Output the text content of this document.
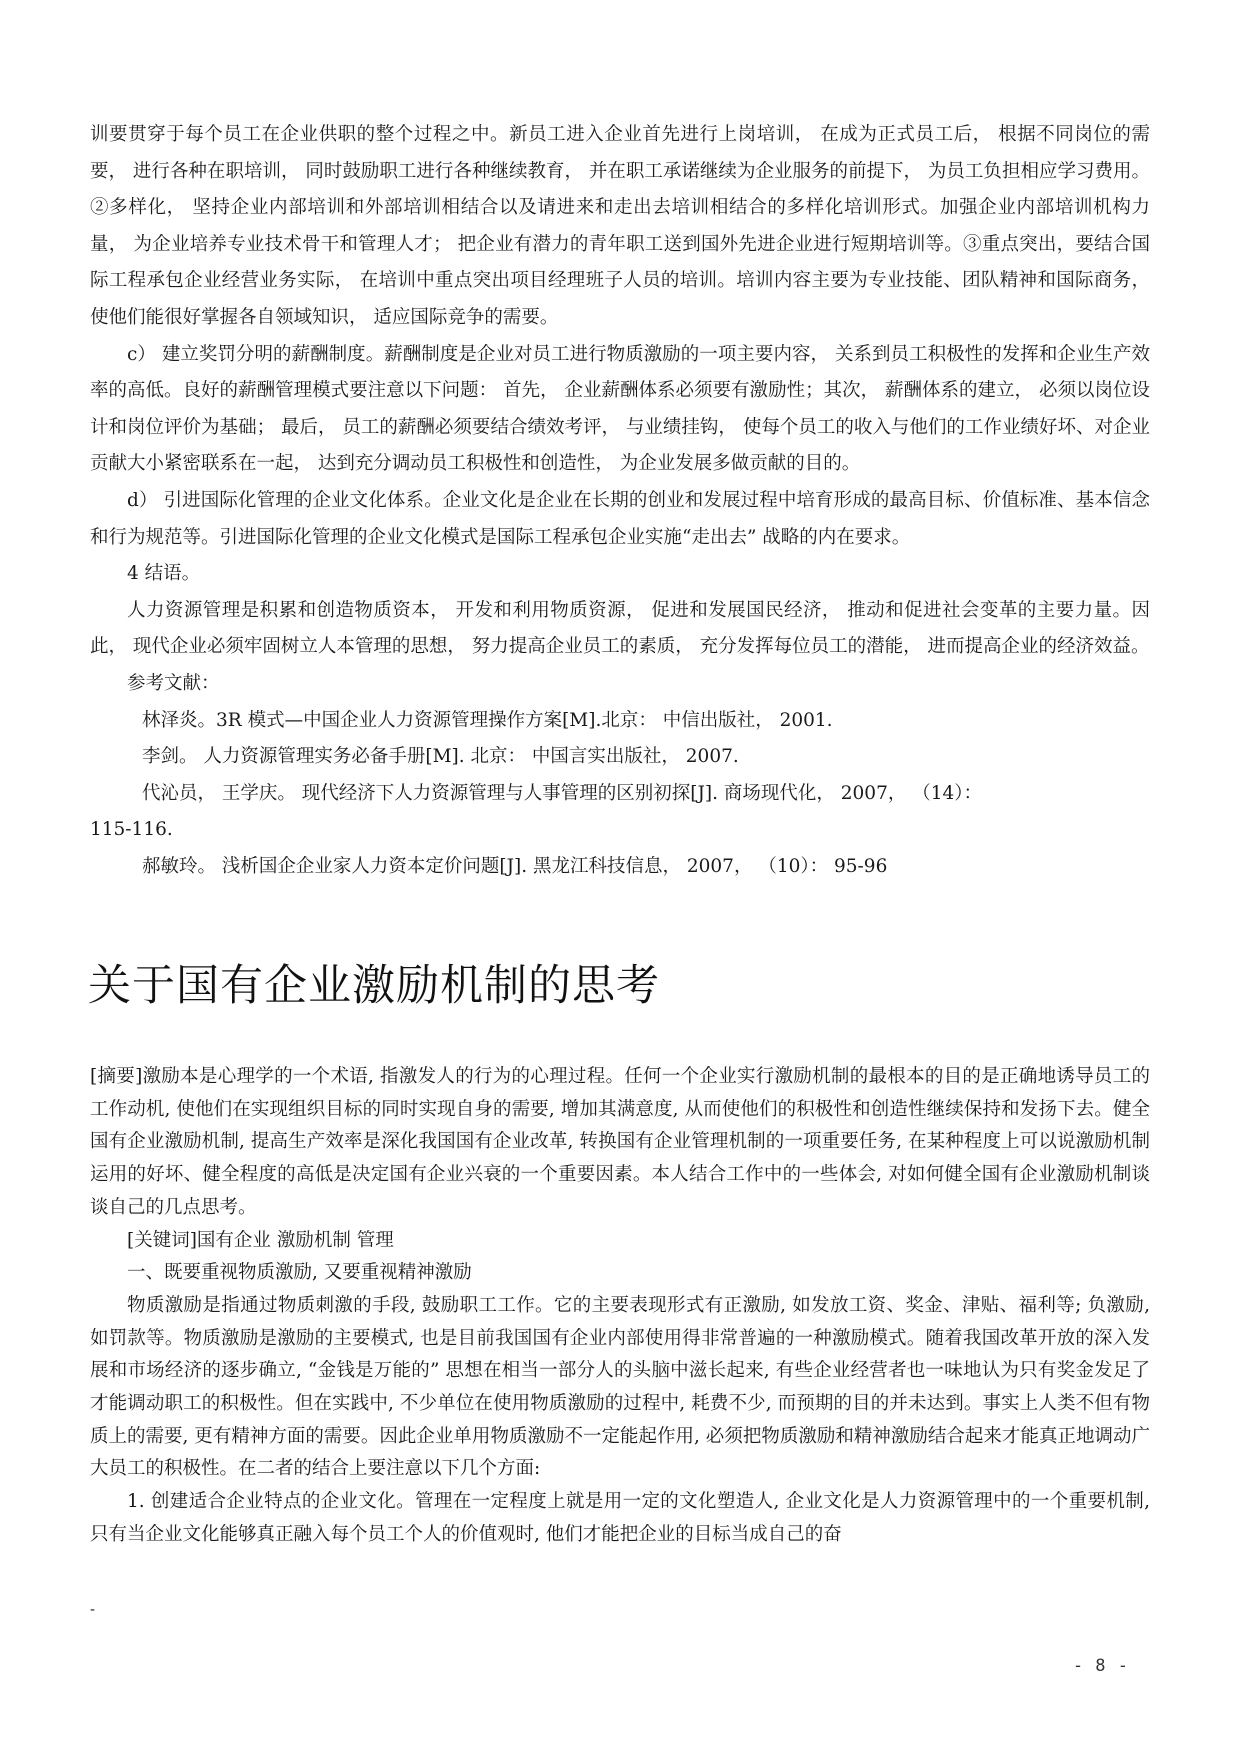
训要贯穿于每个员工在企业供职的整个过程之中。新员工进入企业首先进行上岗培训， 在成为正式员工后， 根据不同岗位的需要， 进行各种在职培训， 同时鼓励职工进行各种继续教育， 并在职工承诺继续为企业服务的前提下， 为员工负担相应学习费用。②多样化， 坚持企业内部培训和外部培训相结合以及请进来和走出去培训相结合的多样化培训形式。加强企业内部培训机构力量， 为企业培养专业技术骨干和管理人才； 把企业有潜力的青年职工送到国外先进企业进行短期培训等。③重点突出，要结合国际工程承包企业经营业务实际， 在培训中重点突出项目经理班子人员的培训。培训内容主要为专业技能、团队精神和国际商务， 使他们能很好掌握各自领域知识， 适应国际竞争的需要。

c） 建立奖罚分明的薪酬制度。薪酬制度是企业对员工进行物质激励的一项主要内容， 关系到员工积极性的发挥和企业生产效率的高低。良好的薪酬管理模式要注意以下问题： 首先， 企业薪酬体系必须要有激励性；其次， 薪酬体系的建立， 必须以岗位设计和岗位评价为基础； 最后， 员工的薪酬必须要结合绩效考评， 与业绩挂钩， 使每个员工的收入与他们的工作业绩好坏、对企业贡献大小紧密联系在一起， 达到充分调动员工积极性和创造性， 为企业发展多做贡献的目的。

d） 引进国际化管理的企业文化体系。企业文化是企业在长期的创业和发展过程中培育形成的最高目标、价值标准、基本信念和行为规范等。引进国际化管理的企业文化模式是国际工程承包企业实施“走出去” 战略的内在要求。

4 结语。

人力资源管理是积累和创造物质资本， 开发和利用物质资源， 促进和发展国民经济， 推动和促进社会变革的主要力量。因此， 现代企业必须牢固树立人本管理的思想， 努力提高企业员工的素质， 充分发挥每位员工的潜能， 进而提高企业的经济效益。

参考文献：

林泽炎。3R 模式—中国企业人力资源管理操作方案[M].北京： 中信出版社， 2001.

李剑。 人力资源管理实务必备手册[M]. 北京： 中国言实出版社， 2007.

代沁员， 王学庆。 现代经济下人力资源管理与人事管理的区别初探[J]. 商场现代化， 2007， （14）：
115-116.

郝敏玲。 浅析国企企业家人力资本定价问题[J]. 黑龙江科技信息， 2007， （10）： 95-96

关于国有企业激励机制的思考

[摘要]激励本是心理学的一个术语, 指激发人的行为的心理过程。任何一个企业实行激励机制的最根本的目的是正确地诱导员工的工作动机, 使他们在实现组织目标的同时实现自身的需要, 增加其满意度, 从而使他们的积极性和创造性继续保持和发扬下去。健全国有企业激励机制, 提高生产效率是深化我国国有企业改革, 转换国有企业管理机制的一项重要任务, 在某种程度上可以说激励机制运用的好坏、健全程度的高低是决定国有企业兴衰的一个重要因素。本人结合工作中的一些体会, 对如何健全国有企业激励机制谈谈自己的几点思考。

[关键词]国有企业 激励机制 管理

一、既要重视物质激励, 又要重视精神激励

物质激励是指通过物质刺激的手段, 鼓励职工工作。它的主要表现形式有正激励, 如发放工资、奖金、津贴、福利等; 负激励, 如罚款等。物质激励是激励的主要模式, 也是目前我国国有企业内部使用得非常普遍的一种激励模式。随着我国改革开放的深入发展和市场经济的逐步确立, “金钱是万能的” 思想在相当一部分人的头脑中滋长起来, 有些企业经营者也一味地认为只有奖金发足了才能调动职工的积极性。但在实践中, 不少单位在使用物质激励的过程中, 耗费不少, 而预期的目的并未达到。事实上人类不但有物质上的需要, 更有精神方面的需要。因此企业单用物质激励不一定能起作用, 必须把物质激励和精神激励结合起来才能真正地调动广大员工的积极性。在二者的结合上要注意以下几个方面:

1. 创建适合企业特点的企业文化。管理在一定程度上就是用一定的文化塑造人, 企业文化是人力资源管理中的一个重要机制, 只有当企业文化能够真正融入每个员工个人的价值观时, 他们才能把企业的目标当成自己的奋

-
- 8 -
